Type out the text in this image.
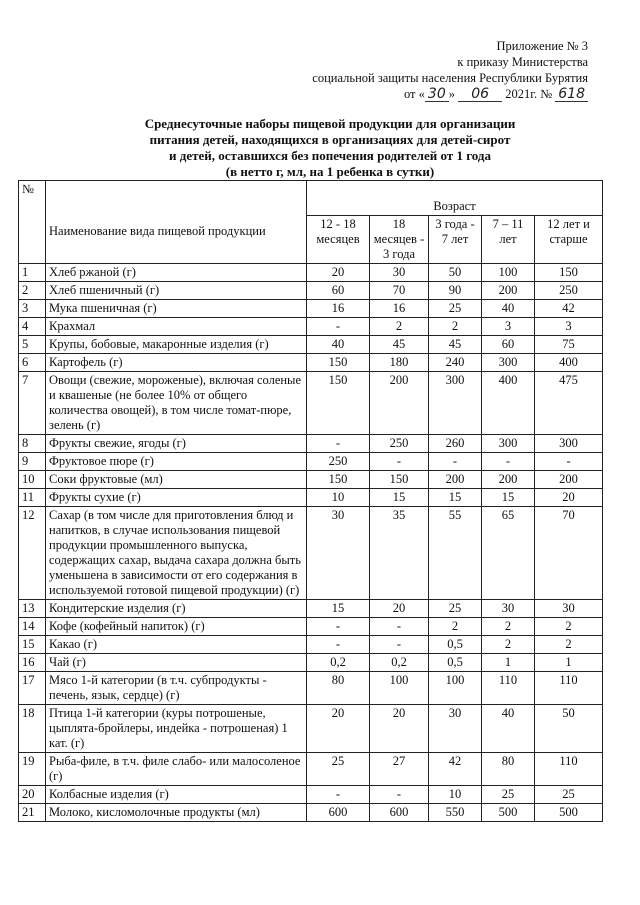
Приложение № 3
к приказу Министерства
социальной защиты населения Республики Бурятия
от « 30 » 06 2021г. № 618
Среднесуточные наборы пищевой продукции для организации
питания детей, находящихся в организациях для детей-сирот
и детей, оставшихся без попечения родителей от 1 года
(в нетто г, мл, на 1 ребенка в сутки)
№	Наименование вида пищевой продукции	Возраст				
		12 - 18 месяцев	18 месяцев - 3 года	3 года - 7 лет	7 – 11 лет	12 лет и старше
1	Хлеб ржаной (г)	20	30	50	100	150
2	Хлеб пшеничный (г)	60	70	90	200	250
3	Мука пшеничная (г)	16	16	25	40	42
4	Крахмал	-	2	2	3	3
5	Крупы, бобовые, макаронные изделия (г)	40	45	45	60	75
6	Картофель (г)	150	180	240	300	400
7	Овощи (свежие, мороженые), включая соленые и квашеные (не более 10% от общего количества овощей), в том числе томат-пюре, зелень (г)	150	200	300	400	475
8	Фрукты свежие, ягоды (г)	-	250	260	300	300
9	Фруктовое пюре (г)	250	-	-	-	-
10	Соки фруктовые (мл)	150	150	200	200	200
11	Фрукты сухие (г)	10	15	15	15	20
12	Сахар (в том числе для приготовления блюд и напитков, в случае использования пищевой продукции промышленного выпуска, содержащих сахар, выдача сахара должна быть уменьшена в зависимости от его содержания в используемой готовой пищевой продукции) (г)	30	35	55	65	70
13	Кондитерские изделия (г)	15	20	25	30	30
14	Кофе (кофейный напиток) (г)	-	-	2	2	2
15	Какао (г)	-	-	0,5	2	2
16	Чай (г)	0,2	0,2	0,5	1	1
17	Мясо 1-й категории (в т.ч. субпродукты - печень, язык, сердце) (г)	80	100	100	110	110
18	Птица 1-й категории (куры потрошеные, цыплята-бройлеры, индейка - потрошеная) 1 кат. (г)	20	20	30	40	50
19	Рыба-филе, в т.ч. филе слабо- или малосоленое (г)	25	27	42	80	110
20	Колбасные изделия (г)	-	-	10	25	25
21	Молоко, кисломолочные продукты (мл)	600	600	550	500	500
